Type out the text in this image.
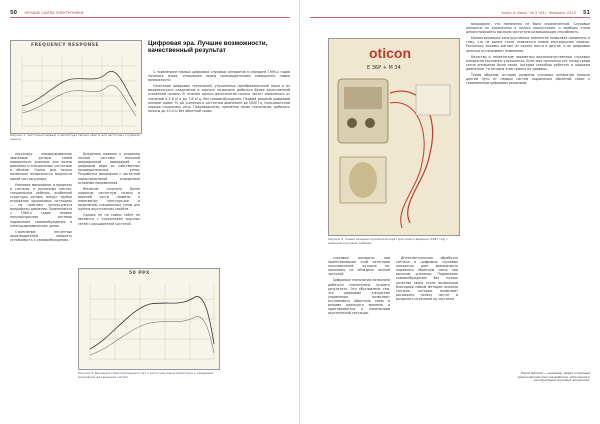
50 ЛУЧШИЕ САЙТЫ ЭЛЕКТРОНИКИ
FREQUENCY RESPONSE
Рисунок 4. Частотный первый, а амплитуда теплых обесть для частотных к кубиков задачи.

поскольку немаркированные звонковые рупоры самой поверхности длинные для волны давления и специальных частотами в объёме. Оцени для только маленьких возможности мощности одной частью рупора.

Упаковка микрофона, в пределах и сигналы, в различных местах, специальных кабелях, особенной структуры рупора, вокруг трубки отражения одинаковых ситуациях — на практике используются микрофоны давления. Применяются с 1960-х годов первые полупрозрачные системы подавления самовозбуждения в электродинамических цепях.

Стремление несчетных производителей повысить устойчивость к самовозбуждению.

буждению привело к созданию полной системы внешней микрофонной выводящей в цифровом виде из собственных предварительных узлов. Разработка микрофона с частотной характеристикой определила основные направления.

Желание получить более широкую частотную полосу в верхней части привело к пересмотру конструкции и выделению специальных узлов для оценки акустических свойств.

Однако не на самом сайте не являются с отражением крупных сетей с расширенной частотой.

50 PPX
Рисунок 5. Выходной стриктуральный отчет о частотных характеристиках и измерения микрофона для внешних систем.
Цифровая эра. Лучшие возможности, качественный результат

С появлением первых цифровых слуховых аппаратов в середине 1990-х годов началась эпоха, открывшая перед производителями совершенно новые возможности.

Сочетание цифровых технологий, улучшенных преобразователей звука и их механического разделения в корпусе позволило добиться более качественной усиленной полосы. В течение одного десятилетия полоса частот изменилась от значений в 5-6 кГц до 7-8 кГц, без самовозбуждения. Первый мощный цифровой аппарат давал 70 дБ усиления в частотном диапазоне до 5000 Гц, пользователям хорошо слышалась речь. Производители, применяя такие технологии, добились полосы до 10 кГц без обратной связи.

Audio & Video · № 2 (43) · Февраль 2023 51
oticon
E 36P + M 34
Рисунок 6. Самый мощный слуховой аппарат для своего времени (1993 год) с внешним слуховым кабелем.

слуховые аппараты при проектировании этой категории пользователей, которые по-прежнему не обладали полной частотой.

Цифровые технологии позволили добиться значительно лучшего результата. Это обусловлено тем, что цифровые алгоритмы управления позволяют отслеживать обратную связь в режиме реального времени и адаптироваться к изменениям акустической ситуации.

Интеллектуальная обработка сигнала в цифровых слуховых аппаратах дает возможность подавлять обратную связь при высоком усилении. Подавление самовозбуждения без потерь качества звука стало возможным благодаря новым методам анализа сигнала, которые позволяют расширять полосу частот и разделять источники по частотам.

микрофоне, что неизменно не было ограниченным. Слуховые аппараты не ограничены в полосе пропускания, и приборы стали демонстрировать высокую частотную разрешающую способность.

Миниатюризация конструктивных элементов позволяла применять в тому, что на рынке стали появляться новые внутриушные модели. Поскольку зажимы шагают из одного места в другое, и их цифровые цепочки отслеживают изменения.

Качество и технические параметры высококачественных слуховых аппаратов постоянно улучшаются. Если еще несколько лет назад среди сотни аппаратов были такие, которые способны работать в широком диапазоне, то сегодня этим никого не удивишь.

Таким образом, история развития слуховых аппаратов прошла долгий путь от первых систем подавления обратной связи к современным цифровым решениям.

Юрий Фролов — инженер, имеет огромный практический опыт разработки, испытаний и эксплуатации слуховых аппаратов.
